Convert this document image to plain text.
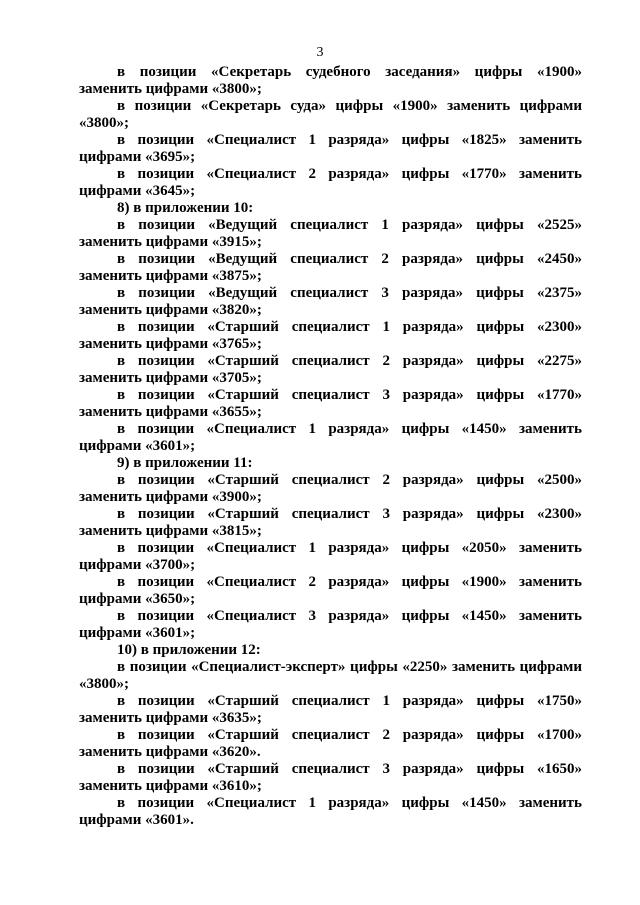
3

в позиции «Секретарь судебного заседания» цифры «1900» заменить цифрами «3800»;

в позиции «Секретарь суда» цифры «1900» заменить цифрами «3800»;

в позиции «Специалист 1 разряда» цифры «1825» заменить цифрами «3695»;

в позиции «Специалист 2 разряда» цифры «1770» заменить цифрами «3645»;

8) в приложении 10:

в позиции «Ведущий специалист 1 разряда» цифры «2525» заменить цифрами «3915»;

в позиции «Ведущий специалист 2 разряда» цифры «2450» заменить цифрами «3875»;

в позиции «Ведущий специалист 3 разряда» цифры «2375» заменить цифрами «3820»;

в позиции «Старший специалист 1 разряда» цифры «2300» заменить цифрами «3765»;

в позиции «Старший специалист 2 разряда» цифры «2275» заменить цифрами «3705»;

в позиции «Старший специалист 3 разряда» цифры «1770» заменить цифрами «3655»;

в позиции «Специалист 1 разряда» цифры «1450» заменить цифрами «3601»;

9) в приложении 11:

в позиции «Старший специалист 2 разряда» цифры «2500» заменить цифрами «3900»;

в позиции «Старший специалист 3 разряда» цифры «2300» заменить цифрами «3815»;

в позиции «Специалист 1 разряда» цифры «2050» заменить цифрами «3700»;

в позиции «Специалист 2 разряда» цифры «1900» заменить цифрами «3650»;

в позиции «Специалист 3 разряда» цифры «1450» заменить цифрами «3601»;

10) в приложении 12:

в позиции «Специалист-эксперт» цифры «2250» заменить цифрами «3800»;

в позиции «Старший специалист 1 разряда» цифры «1750» заменить цифрами «3635»;

в позиции «Старший специалист 2 разряда» цифры «1700» заменить цифрами «3620».

в позиции «Старший специалист 3 разряда» цифры «1650» заменить цифрами «3610»;

в позиции «Специалист 1 разряда» цифры «1450» заменить цифрами «3601».
